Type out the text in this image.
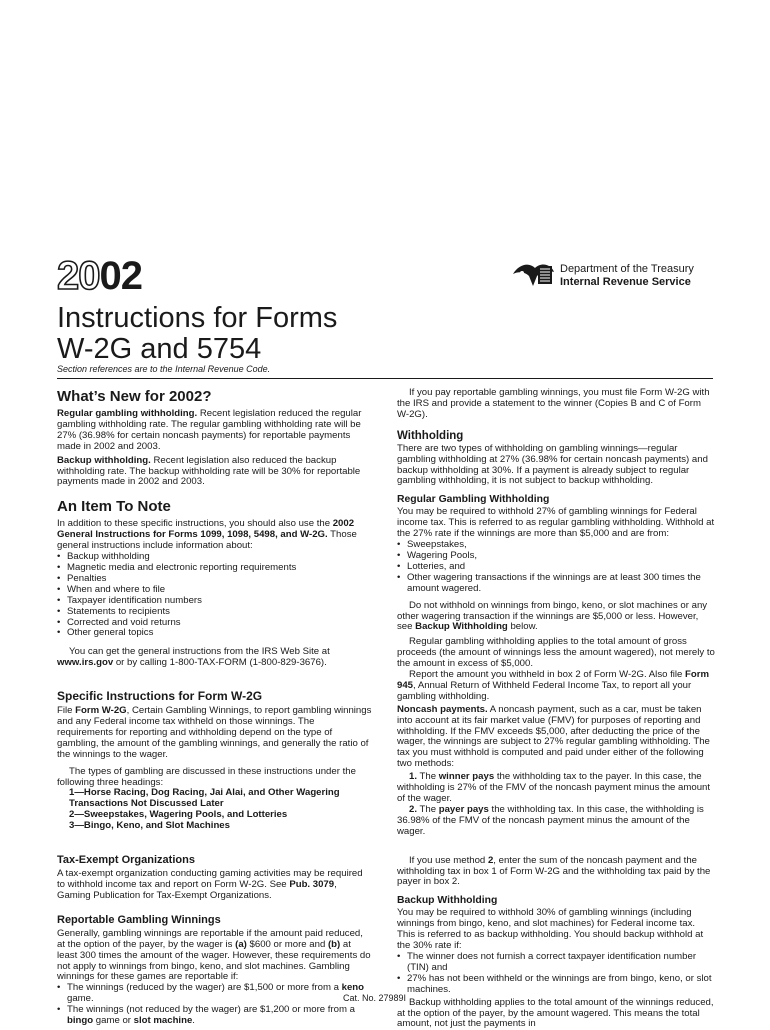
2002	Department of the Treasury
Internal Revenue Service
Instructions for Forms
W-2G and 5754
Section references are to the Internal Revenue Code.
What’s New for 2002?

Regular gambling withholding. Recent legislation reduced the regular gambling withholding rate. The regular gambling withholding rate will be 27% (36.98% for certain noncash payments) for reportable payments made in 2002 and 2003.

Backup withholding. Recent legislation also reduced the backup withholding rate. The backup withholding rate will be 30% for reportable payments made in 2002 and 2003.

An Item To Note

In addition to these specific instructions, you should also use the 2002 General Instructions for Forms 1099, 1098, 5498, and W-2G. Those general instructions include information about:

• Backup withholding
• Magnetic media and electronic reporting requirements
• Penalties
• When and where to file
• Taxpayer identification numbers
• Statements to recipients
• Corrected and void returns
• Other general topics

You can get the general instructions from the IRS Web Site at www.irs.gov or by calling 1-800-TAX-FORM (1-800-829-3676).

Specific Instructions for Form W-2G

File Form W-2G, Certain Gambling Winnings, to report gambling winnings and any Federal income tax withheld on those winnings. The requirements for reporting and withholding depend on the type of gambling, the amount of the gambling winnings, and generally the ratio of the winnings to the wager.

The types of gambling are discussed in these instructions under the following three headings:

1—Horse Racing, Dog Racing, Jai Alai, and Other Wagering Transactions Not Discussed Later
2—Sweepstakes, Wagering Pools, and Lotteries
3—Bingo, Keno, and Slot Machines
Tax-Exempt Organizations

A tax-exempt organization conducting gaming activities may be required to withhold income tax and report on Form W-2G. See Pub. 3079, Gaming Publication for Tax-Exempt Organizations.

Reportable Gambling Winnings

Generally, gambling winnings are reportable if the amount paid reduced, at the option of the payer, by the wager is (a) $600 or more and (b) at least 300 times the amount of the wager. However, these requirements do not apply to winnings from bingo, keno, and slot machines. Gambling winnings for these games are reportable if:

• The winnings (reduced by the wager) are $1,500 or more from a keno game.
• The winnings (not reduced by the wager) are $1,200 or more from a bingo game or slot machine.

If you pay reportable gambling winnings, you must file Form W-2G with the IRS and provide a statement to the winner (Copies B and C of Form W-2G).

Withholding

There are two types of withholding on gambling winnings—regular gambling withholding at 27% (36.98% for certain noncash payments) and backup withholding at 30%. If a payment is already subject to regular gambling withholding, it is not subject to backup withholding.

Regular Gambling Withholding

You may be required to withhold 27% of gambling winnings for Federal income tax. This is referred to as regular gambling withholding. Withhold at the 27% rate if the winnings are more than $5,000 and are from:

• Sweepstakes,
• Wagering Pools,
• Lotteries, and
• Other wagering transactions if the winnings are at least 300 times the amount wagered.

Do not withhold on winnings from bingo, keno, or slot machines or any other wagering transaction if the winnings are $5,000 or less. However, see Backup Withholding below.

Regular gambling withholding applies to the total amount of gross proceeds (the amount of winnings less the amount wagered), not merely to the amount in excess of $5,000.

Report the amount you withheld in box 2 of Form W-2G. Also file Form 945, Annual Return of Withheld Federal Income Tax, to report all your gambling withholding.

Noncash payments. A noncash payment, such as a car, must be taken into account at its fair market value (FMV) for purposes of reporting and withholding. If the FMV exceeds $5,000, after deducting the price of the wager, the winnings are subject to 27% regular gambling withholding. The tax you must withhold is computed and paid under either of the following two methods:

1. The winner pays the withholding tax to the payer. In this case, the withholding is 27% of the FMV of the noncash payment minus the amount of the wager.

2. The payer pays the withholding tax. In this case, the withholding is 36.98% of the FMV of the noncash payment minus the amount of the wager.

If you use method 2, enter the sum of the noncash payment and the withholding tax in box 1 of Form W-2G and the withholding tax paid by the payer in box 2.

Backup Withholding

You may be required to withhold 30% of gambling winnings (including winnings from bingo, keno, and slot machines) for Federal income tax. This is referred to as backup withholding. You should backup withhold at the 30% rate if:

• The winner does not furnish a correct taxpayer identification number (TIN) and
• 27% has not been withheld or the winnings are from bingo, keno, or slot machines.

Backup withholding applies to the total amount of the winnings reduced, at the option of the payer, by the amount wagered. This means the total amount, not just the payments in

Cat. No. 27989I
